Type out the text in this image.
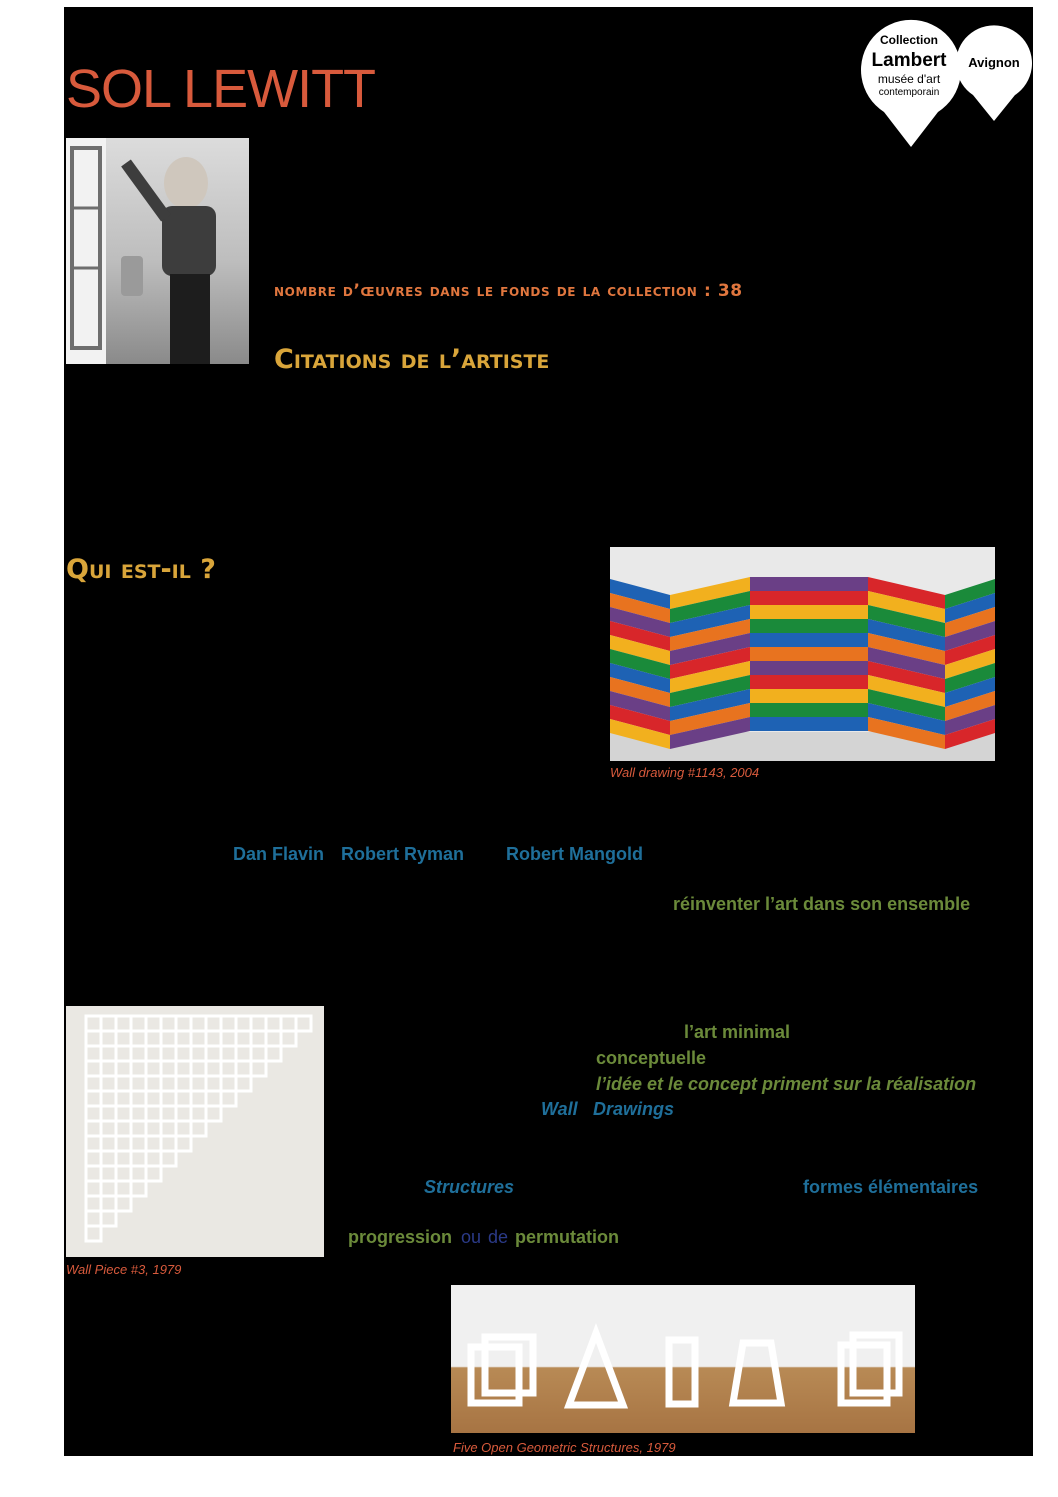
SOL LEWITT
Collection
Lambert
musée d'art
contemporain
Avignon
nombre d’œuvres dans le fonds de la collection : 38
Citations de l’artiste
Qui est-il ?
Wall drawing #1143, 2004
Dan Flavin Robert Ryman Robert Mangold
réinventer l’art dans son ensemble
Wall Piece #3, 1979
l’art minimal
conceptuelle
l’idée et le concept priment sur la réalisation
Wall Drawings
Structures	formes élémentaires
progression ou de permutation
Five Open Geometric Structures, 1979
